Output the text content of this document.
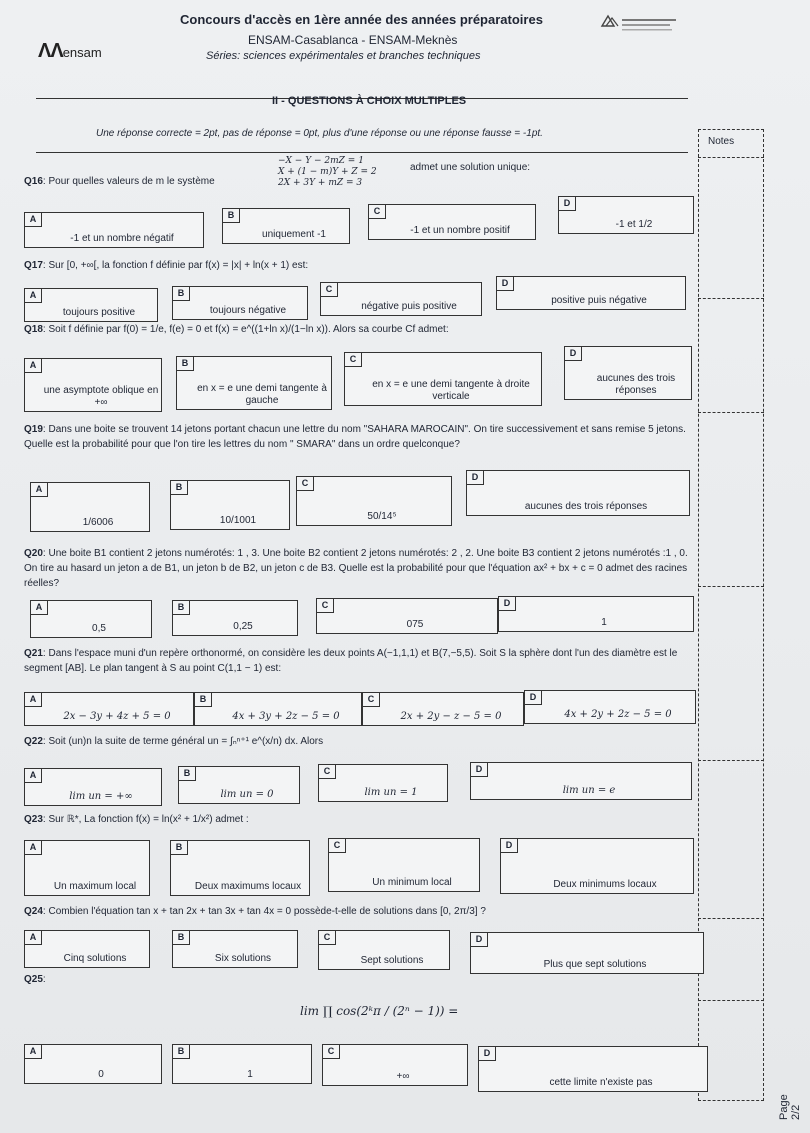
ΛΛensam
Concours d'accès en 1ère année des années préparatoires
ENSAM-Casablanca - ENSAM-Meknès
Séries: sciences expérimentales et branches techniques
II - QUESTIONS À CHOIX MULTIPLES
Une réponse correcte = 2pt, pas de réponse = 0pt, plus d'une réponse ou une réponse fausse = -1pt.
Notes
Q16: Pour quelles valeurs de m le système
−X − Y − 2mZ = 1
X + (1 − m)Y + Z = 2
2X + 3Y + mZ = 3
admet une solution unique:
A
-1 et un nombre négatif
B
uniquement -1
C
-1 et un nombre positif
D
-1 et 1/2
Q17: Sur [0, +∞[, la fonction f définie par f(x) = |x| + ln(x + 1) est:
A
toujours positive
B
toujours négative
C
négative puis positive
D
positive puis négative
Q18: Soit f définie par f(0) = 1/e, f(e) = 0 et f(x) = e^((1+ln x)/(1−ln x)). Alors sa courbe Cf admet:
A
une asymptote oblique en +∞
B
en x = e une demi tangente à gauche
C
en x = e une demi tangente à droite verticale
D
aucunes des trois réponses
Q19: Dans une boite se trouvent 14 jetons portant chacun une lettre du nom "SAHARA MAROCAIN". On tire successivement et sans remise 5 jetons. Quelle est la probabilité pour que l'on tire les lettres du nom " SMARA" dans un ordre quelconque?
A
1/6006
B
10/1001
C
50/14⁵
D
aucunes des trois réponses
Q20: Une boite B1 contient 2 jetons numérotés: 1 , 3. Une boite B2 contient 2 jetons numérotés: 2 , 2. Une boite B3 contient 2 jetons numérotés :1 , 0. On tire au hasard un jeton a de B1, un jeton b de B2, un jeton c de B3. Quelle est la probabilité pour que l'équation ax² + bx + c = 0 admet des racines réelles?
A
0,5
B
0,25
C
075
D
1
Q21: Dans l'espace muni d'un repère orthonormé, on considère les deux points A(−1,1,1) et B(7,−5,5). Soit S la sphère dont l'un des diamètre est le segment [AB]. Le plan tangent à S au point C(1,1 − 1) est:
A
2x − 3y + 4z + 5 = 0
B
4x + 3y + 2z − 5 = 0
C
2x + 2y − z − 5 = 0
D
4x + 2y + 2z − 5 = 0
Q22: Soit (un)n la suite de terme général un = ∫ₙⁿ⁺¹ e^(x/n) dx. Alors
A
lim un = +∞
B
lim un = 0
C
lim un = 1
D
lim un = e
Q23: Sur ℝ*, La fonction f(x) = ln(x² + 1/x²) admet :
A
Un maximum local
B
Deux maximums locaux
C
Un minimum local
D
Deux minimums locaux
Q24: Combien l'équation tan x + tan 2x + tan 3x + tan 4x = 0 possède-t-elle de solutions dans [0, 2π/3] ?
A
Cinq solutions
B
Six solutions
C
Sept solutions
D
Plus que sept solutions
Q25:
lim ∏ cos(2ᵏπ / (2ⁿ − 1)) =
A
0
B
1
C
+∞
D
cette limite n'existe pas
Page 2/2
